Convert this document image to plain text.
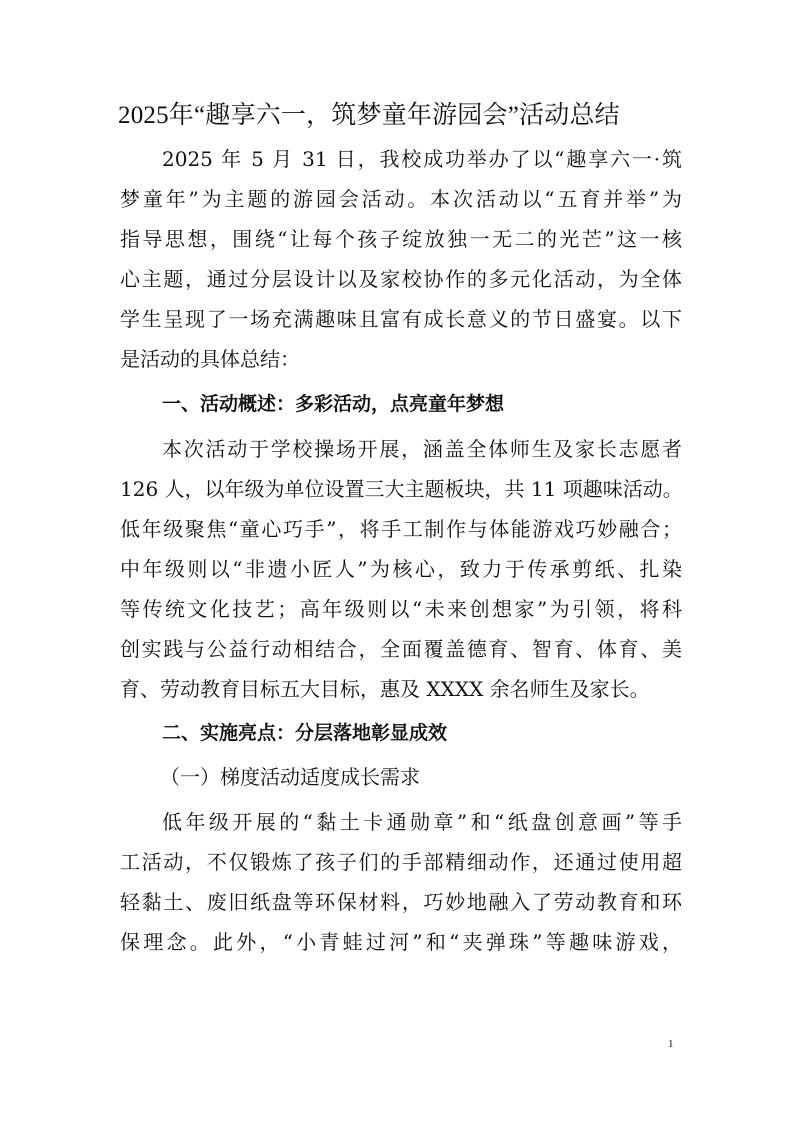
2025年“趣享六一，筑梦童年游园会”活动总结
2025 年 5 月 31 日，我校成功举办了以“趣享六一·筑
梦童年”为主题的游园会活动。本次活动以“五育并举”为
指导思想，围绕“让每个孩子绽放独一无二的光芒”这一核
心主题，通过分层设计以及家校协作的多元化活动，为全体
学生呈现了一场充满趣味且富有成长意义的节日盛宴。以下
是活动的具体总结：
一、活动概述：多彩活动，点亮童年梦想
本次活动于学校操场开展，涵盖全体师生及家长志愿者
126 人，以年级为单位设置三大主题板块，共 11 项趣味活动。
低年级聚焦“童心巧手”，将手工制作与体能游戏巧妙融合；
中年级则以“非遗小匠人”为核心，致力于传承剪纸、扎染
等传统文化技艺；高年级则以“未来创想家”为引领，将科
创实践与公益行动相结合，全面覆盖德育、智育、体育、美
育、劳动教育目标五大目标，惠及 XXXX 余名师生及家长。
二、实施亮点：分层落地彰显成效
（一）梯度活动适度成长需求
低年级开展的“黏土卡通勋章”和“纸盘创意画”等手
工活动，不仅锻炼了孩子们的手部精细动作，还通过使用超
轻黏土、废旧纸盘等环保材料，巧妙地融入了劳动教育和环
保理念。此外，“小青蛙过河”和“夹弹珠”等趣味游戏，
1
